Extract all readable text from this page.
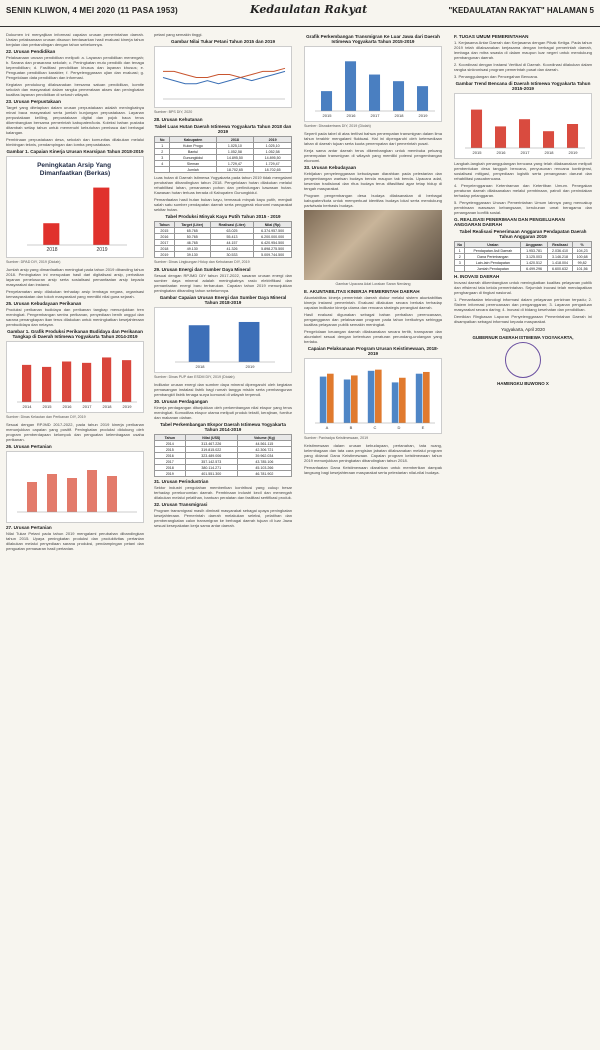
SENIN KLIWON, 4 MEI 2020 (11 PASA 1953)	Kedaulatan Rakyat	"KEDAULATAN RAKYAT" HALAMAN 5

Dokumen ini menyajikan informasi capaian urusan pemerintahan daerah. Uraian pelaksanaan urusan disusun berdasarkan hasil evaluasi kinerja tahun berjalan dan perbandingan dengan tahun sebelumnya.

22. Urusan Pendidikan

Pelaksanaan urusan pendidikan meliputi: a. Layanan pendidikan menengah; b. Sarana dan prasarana sekolah; c. Peningkatan mutu pendidik dan tenaga kependidikan; d. Fasilitasi pendidikan khusus dan layanan khusus; e. Penguatan pendidikan karakter; f. Penyelenggaraan ujian dan evaluasi; g. Pengelolaan data pendidikan dan informasi.

Kegiatan pendukung dilaksanakan bersama satuan pendidikan, komite sekolah dan masyarakat dalam rangka pemerataan akses dan peningkatan kualitas layanan pendidikan di seluruh wilayah.

23. Urusan Perpustakaan

Target yang ditetapkan dalam urusan perpustakaan adalah meningkatnya minat baca masyarakat serta jumlah kunjungan perpustakaan. Layanan perpustakaan keliling, perpustakaan digital dan pojok baca terus dikembangkan bersama pemerintah kabupaten/kota. Koleksi bahan pustaka ditambah setiap tahun untuk memenuhi kebutuhan pembaca dari berbagai kalangan.

Pembinaan perpustakaan desa, sekolah dan komunitas dilakukan melalui bimbingan teknis, pendampingan dan lomba perpustakaan.

Gambar 1. Capaian Kinerja Urusan Kearsipan Tahun 2018-2019
Peningkatan Arsip Yang Dimanfaatkan (Berkas)
2018	2019
Sumber: DPAD DIY, 2019 (Diolah)

Jumlah arsip yang dimanfaatkan meningkat pada tahun 2019 dibanding tahun 2018. Peningkatan ini merupakan hasil dari digitalisasi arsip, perbaikan layanan penelusuran arsip serta sosialisasi pemanfaatan arsip kepada masyarakat dan instansi.

Penyelamatan arsip dilakukan terhadap arsip lembaga negara, organisasi kemasyarakatan dan tokoh masyarakat yang memiliki nilai guna sejarah.

25. Urusan Kebudayaan Perikanan

Produksi perikanan budidaya dan perikanan tangkap menunjukkan tren meningkat. Pengembangan sentra perikanan, penyediaan benih unggul dan sarana penangkapan ikan terus dilakukan untuk meningkatkan kesejahteraan pembudidaya dan nelayan.

Gambar 1. Grafik Produksi Perikanan Budidaya dan Perikanan Tangkap di Daerah Istimewa Yogyakarta Tahun 2014-2019
2014	2015	2016	2017	2018	2019
Sumber: Dinas Kelautan dan Perikanan DIY, 2019

Sesuai dengan RPJMD 2017-2022, pada tahun 2019 kinerja perikanan menunjukkan capaian yang positif. Peningkatan produksi didukung oleh program pemberdayaan kelompok dan penguatan kelembagaan usaha perikanan.

26. Urusan Pertanian
27. Urusan Pertanian

Nilai Tukar Petani pada tahun 2019 mengalami perubahan dibandingkan tahun 2015. Upaya peningkatan produksi dan produktivitas pertanian dilakukan melalui penyediaan sarana produksi, pendampingan petani dan penguatan pemasaran hasil pertanian.

petani yang semakin tinggi.

Gambar Nilai Tukar Petani Tahun 2015 dan 2019
Sumber: BPS DIY, 2020
28. Urusan Kehutanan
Tabel Luas Hutan Daerah Istimewa Yogyakarta Tahun 2018 dan 2019
No	Kabupaten	2018	2019
1	Kulon Progo	1.025,10	1.025,10
2	Bantul	1.052,58	1.052,58
3	Gunungkidul	14.895,50	14.895,50
4	Sleman	1.729,47	1.729,47
	Jumlah	18.702,65	18.702,65

Luas hutan di Daerah Istimewa Yogyakarta pada tahun 2019 tidak mengalami perubahan dibandingkan tahun 2018. Pengelolaan hutan dilakukan melalui rehabilitasi lahan, penanaman pohon dan perlindungan kawasan hutan. Kawasan hutan terluas berada di Kabupaten Gunungkidul.

Pemanfaatan hasil hutan bukan kayu, termasuk minyak kayu putih, menjadi salah satu sumber pendapatan daerah serta penggerak ekonomi masyarakat sekitar hutan.

Tabel Produksi Minyak Kayu Putih Tahun 2015 - 2019
Tahun	Target (Liter)	Realisasi (Liter)	Nilai (Rp)
2015	65.765	63.025	6.374.957.500
2016	50.765	55.413	6.200.000.000
2017	46.765	44.157	6.420.954.500
2018	49.130	41.326	5.898.275.500
2019	39.130	30.533	5.009.744.500
Sumber: Dinas Lingkungan Hidup dan Kehutanan DIY, 2019
29. Urusan Energi dan Sumber Daya Mineral

Sesuai dengan RPJMD DIY tahun 2017-2022, sasaran urusan energi dan sumber daya mineral adalah meningkatnya rasio elektrifikasi dan pemanfaatan energi baru terbarukan. Capaian tahun 2019 menunjukkan peningkatan dibanding tahun sebelumnya.

Gambar Capaian Urusan Energi dan Sumber Daya Mineral Tahun 2018-2019
2018	2019
Sumber: Dinas PUP dan ESDM DIY, 2019 (Diolah)

Indikator urusan energi dan sumber daya mineral dipengaruhi oleh kegiatan pemasangan instalasi listrik bagi rumah tangga miskin serta pembangunan pembangkit listrik tenaga surya komunal di wilayah terpencil.

30. Urusan Perdagangan

Kinerja perdagangan ditunjukkan oleh perkembangan nilai ekspor yang terus meningkat. Komoditas ekspor utama meliputi produk tekstil, kerajinan, furnitur dan makanan olahan.

Tabel Perkembangan Ekspor Daerah Istimewa Yogyakarta Tahun 2014-2019
Tahun	Nilai (US$)	Volume (Kg)
2014	313.467.226	44.561.115
2015	319.815.022	42.306.721
2016	323.489.006	39.962.034
2017	357.142.573	43.785.106
2018	380.114.271	45.103.266
2019	401.551.300	46.781.902
31. Urusan Perindustrian

Sektor industri pengolahan memberikan kontribusi yang cukup besar terhadap perekonomian daerah. Pembinaan industri kecil dan menengah dilakukan melalui pelatihan, bantuan peralatan dan fasilitasi sertifikasi produk.

32. Urusan Transmigrasi

Program transmigrasi masih diminati masyarakat sebagai upaya peningkatan kesejahteraan. Pemerintah daerah melakukan seleksi, pelatihan dan pemberangkatan calon transmigran ke berbagai daerah tujuan di luar Jawa sesuai kesepakatan kerja sama antar daerah.

Grafik Perkembangan Transmigran Ke Luar Jawa dari Daerah Istimewa Yogyakarta Tahun 2015-2019
2015	2016	2017	2018	2019
Sumber: Disnakertrans DIY, 2019 (Diolah)

Seperti pada tabel di atas terlihat bahwa penempatan transmigran dalam lima tahun terakhir mengalami fluktuasi. Hal ini dipengaruhi oleh ketersediaan lahan di daerah tujuan serta kuota penempatan dari pemerintah pusat.

Kerja sama antar daerah terus dikembangkan untuk membuka peluang penempatan transmigran di wilayah yang memiliki potensi pengembangan ekonomi.

33. Urusan Kebudayaan

Kebijakan penyelenggaraan kebudayaan diarahkan pada pelestarian dan pengembangan warisan budaya benda maupun tak benda. Upacara adat, kesenian tradisional dan ritus budaya terus difasilitasi agar tetap hidup di tengah masyarakat.

Program pengembangan desa budaya dilaksanakan di berbagai kabupaten/kota untuk memperkuat identitas budaya lokal serta mendukung pariwisata berbasis budaya.

Gambar Upacara Adat Lorakan Saran Nerdang
E. AKUNTABILITAS KINERJA PEMERINTAH DAERAH

Akuntabilitas kinerja pemerintah daerah diukur melalui sistem akuntabilitas kinerja instansi pemerintah. Evaluasi dilakukan secara berkala terhadap capaian indikator kinerja utama dan rencana strategis perangkat daerah.

Hasil evaluasi digunakan sebagai bahan perbaikan perencanaan, penganggaran dan pelaksanaan program pada tahun berikutnya sehingga kualitas pelayanan publik semakin meningkat.

Pengelolaan keuangan daerah dilaksanakan secara tertib, transparan dan akuntabel sesuai dengan ketentuan peraturan perundang-undangan yang berlaku.

Capaian Pelaksanaan Program Urusan Keistimewaan, 2018-2019
A	B	C	D	E
Sumber: Paniradya Keistimewaan, 2019

Keistimewaan dalam urusan kebudayaan, pertanahan, tata ruang, kelembagaan dan tata cara pengisian jabatan dilaksanakan melalui program yang didanai Dana Keistimewaan. Capaian program keistimewaan tahun 2019 menunjukkan peningkatan dibandingkan tahun 2018.

Pemanfaatan Dana Keistimewaan diarahkan untuk memberikan dampak langsung bagi kesejahteraan masyarakat serta pelestarian nilai-nilai budaya.

F. TUGAS UMUM PEMERINTAHAN

1. Kerjasama Antar Daerah dan Kerjasama dengan Pihak Ketiga. Pada tahun 2019 telah dilaksanakan kerjasama dengan berbagai pemerintah daerah, lembaga dan mitra swasta di dalam maupun luar negeri untuk mendukung pembangunan daerah.

2. Koordinasi dengan Instansi Vertikal di Daerah. Koordinasi dilakukan dalam rangka sinkronisasi program pemerintah pusat dan daerah.

3. Penanggulangan dan Pencegahan Bencana.

Gambar Trend Bencana di Daerah Istimewa Yogyakarta Tahun 2015-2019
2015	2016	2017	2018	2019

Langkah-langkah penanggulangan bencana yang telah dilaksanakan meliputi pembentukan desa tangguh bencana, penyusunan rencana kontinjensi, sosialisasi mitigasi, penyediaan logistik serta penanganan darurat dan rehabilitasi pascabencana.

4. Penyelenggaraan Ketentraman dan Ketertiban Umum. Penegakan peraturan daerah dilaksanakan melalui pembinaan, patroli dan penindakan terhadap pelanggaran.

5. Penyelenggaraan Urusan Pemerintahan Umum lainnya yang mencakup pembinaan wawasan kebangsaan, kerukunan umat beragama dan penanganan konflik sosial.

G. REALISASI PENERIMAAN DAN PENGELUARAN ANGGARAN DAERAH
Tabel Realisasi Penerimaan Anggaran Pendapatan Daerah Tahun Anggaran 2019
No	Uraian	Anggaran	Realisasi	%
1	Pendapatan Asli Daerah	1.953.781	2.036.410	104,23
2	Dana Perimbangan	3.125.003	3.146.218	100,68
3	Lain-lain Pendapatan	1.420.512	1.418.004	99,82
	Jumlah Pendapatan	6.499.296	6.600.632	101,56
H. INOVASI DAERAH

Inovasi daerah dikembangkan untuk meningkatkan kualitas pelayanan publik dan efisiensi tata kelola pemerintahan. Sejumlah inovasi telah mendapatkan penghargaan di tingkat nasional.

1. Pemanfaatan teknologi informasi dalam pelayanan perizinan terpadu; 2. Sistem informasi perencanaan dan penganggaran; 3. Layanan pengaduan masyarakat secara daring; 4. Inovasi di bidang kesehatan dan pendidikan.

Demikian Ringkasan Laporan Penyelenggaraan Pemerintahan Daerah ini disampaikan sebagai informasi kepada masyarakat.

Yogyakarta, April 2020
GUBERNUR DAERAH ISTIMEWA YOGYAKARTA,
HAMENGKU BUWONO X
